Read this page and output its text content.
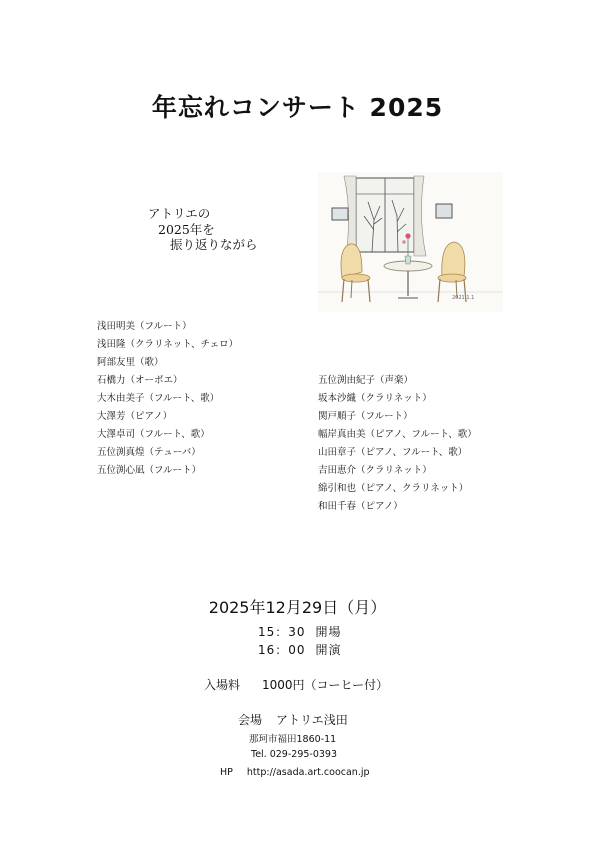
年忘れコンサート 2025
アトリエの
2025年を
振り返りながら
2021.1.1
浅田明美（フルート）
浅田隆（クラリネット、チェロ）
阿部友里（歌）
石橋力（オーボエ）
大木由美子（フルート、歌）
大澤芳（ピアノ）
大澤卓司（フルート、歌）
五位渕真煌（テューバ）
五位渕心凪（フルート）
五位渕由紀子（声楽）
坂本沙織（クラリネット）
関戸順子（フルート）
幅岸真由美（ピアノ、フルート、歌）
山田章子（ピアノ、フルート、歌）
吉田恵介（クラリネット）
綿引和也（ピアノ、クラリネット）
和田千春（ピアノ）
2025年12月29日（月）
15：30 開場
16：00 開演
入場料 1000円（コーヒー付）
会場 アトリエ浅田
那珂市福田1860-11
Tel. 029-295-0393
HP http://asada.art.coocan.jp
